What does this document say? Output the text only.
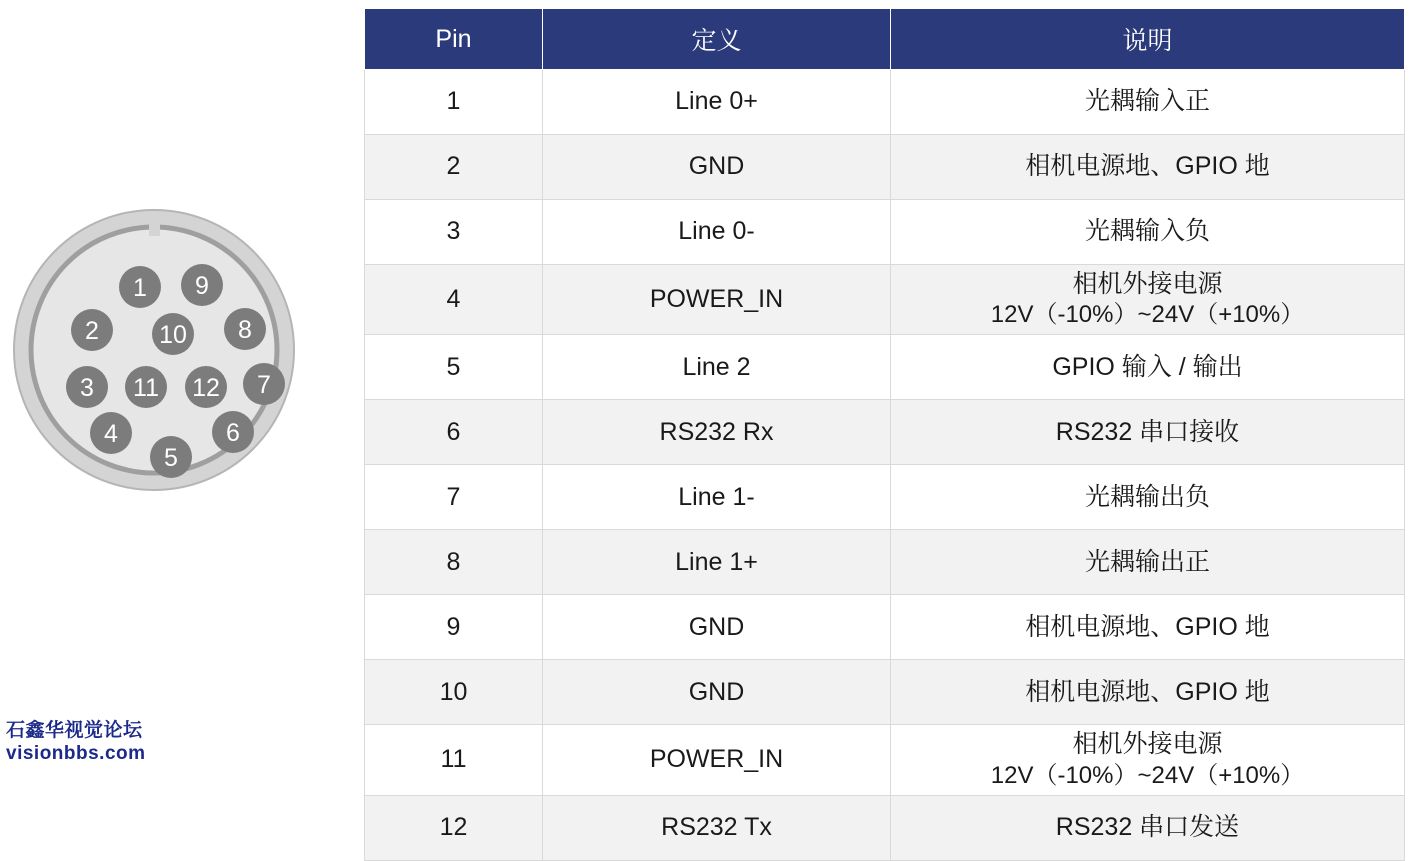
1 9
2 10 8
3 11 12 7
4	6
5
石鑫华视觉论坛
visionbbs.com
Pin	定义	说明
1	Line 0+	光耦输入正
2	GND	相机电源地、GPIO 地
3	Line 0-	光耦输入负
4	POWER_IN	相机外接电源
12V（-10%）~24V（+10%）

5	Line 2	GPIO 输入 / 输出
6	RS232 Rx	RS232 串口接收
7	Line 1-	光耦输出负
8	Line 1+	光耦输出正
9	GND	相机电源地、GPIO 地
10	GND	相机电源地、GPIO 地
11	POWER_IN	相机外接电源
12V（-10%）~24V（+10%）

12	RS232 Tx	RS232 串口发送
